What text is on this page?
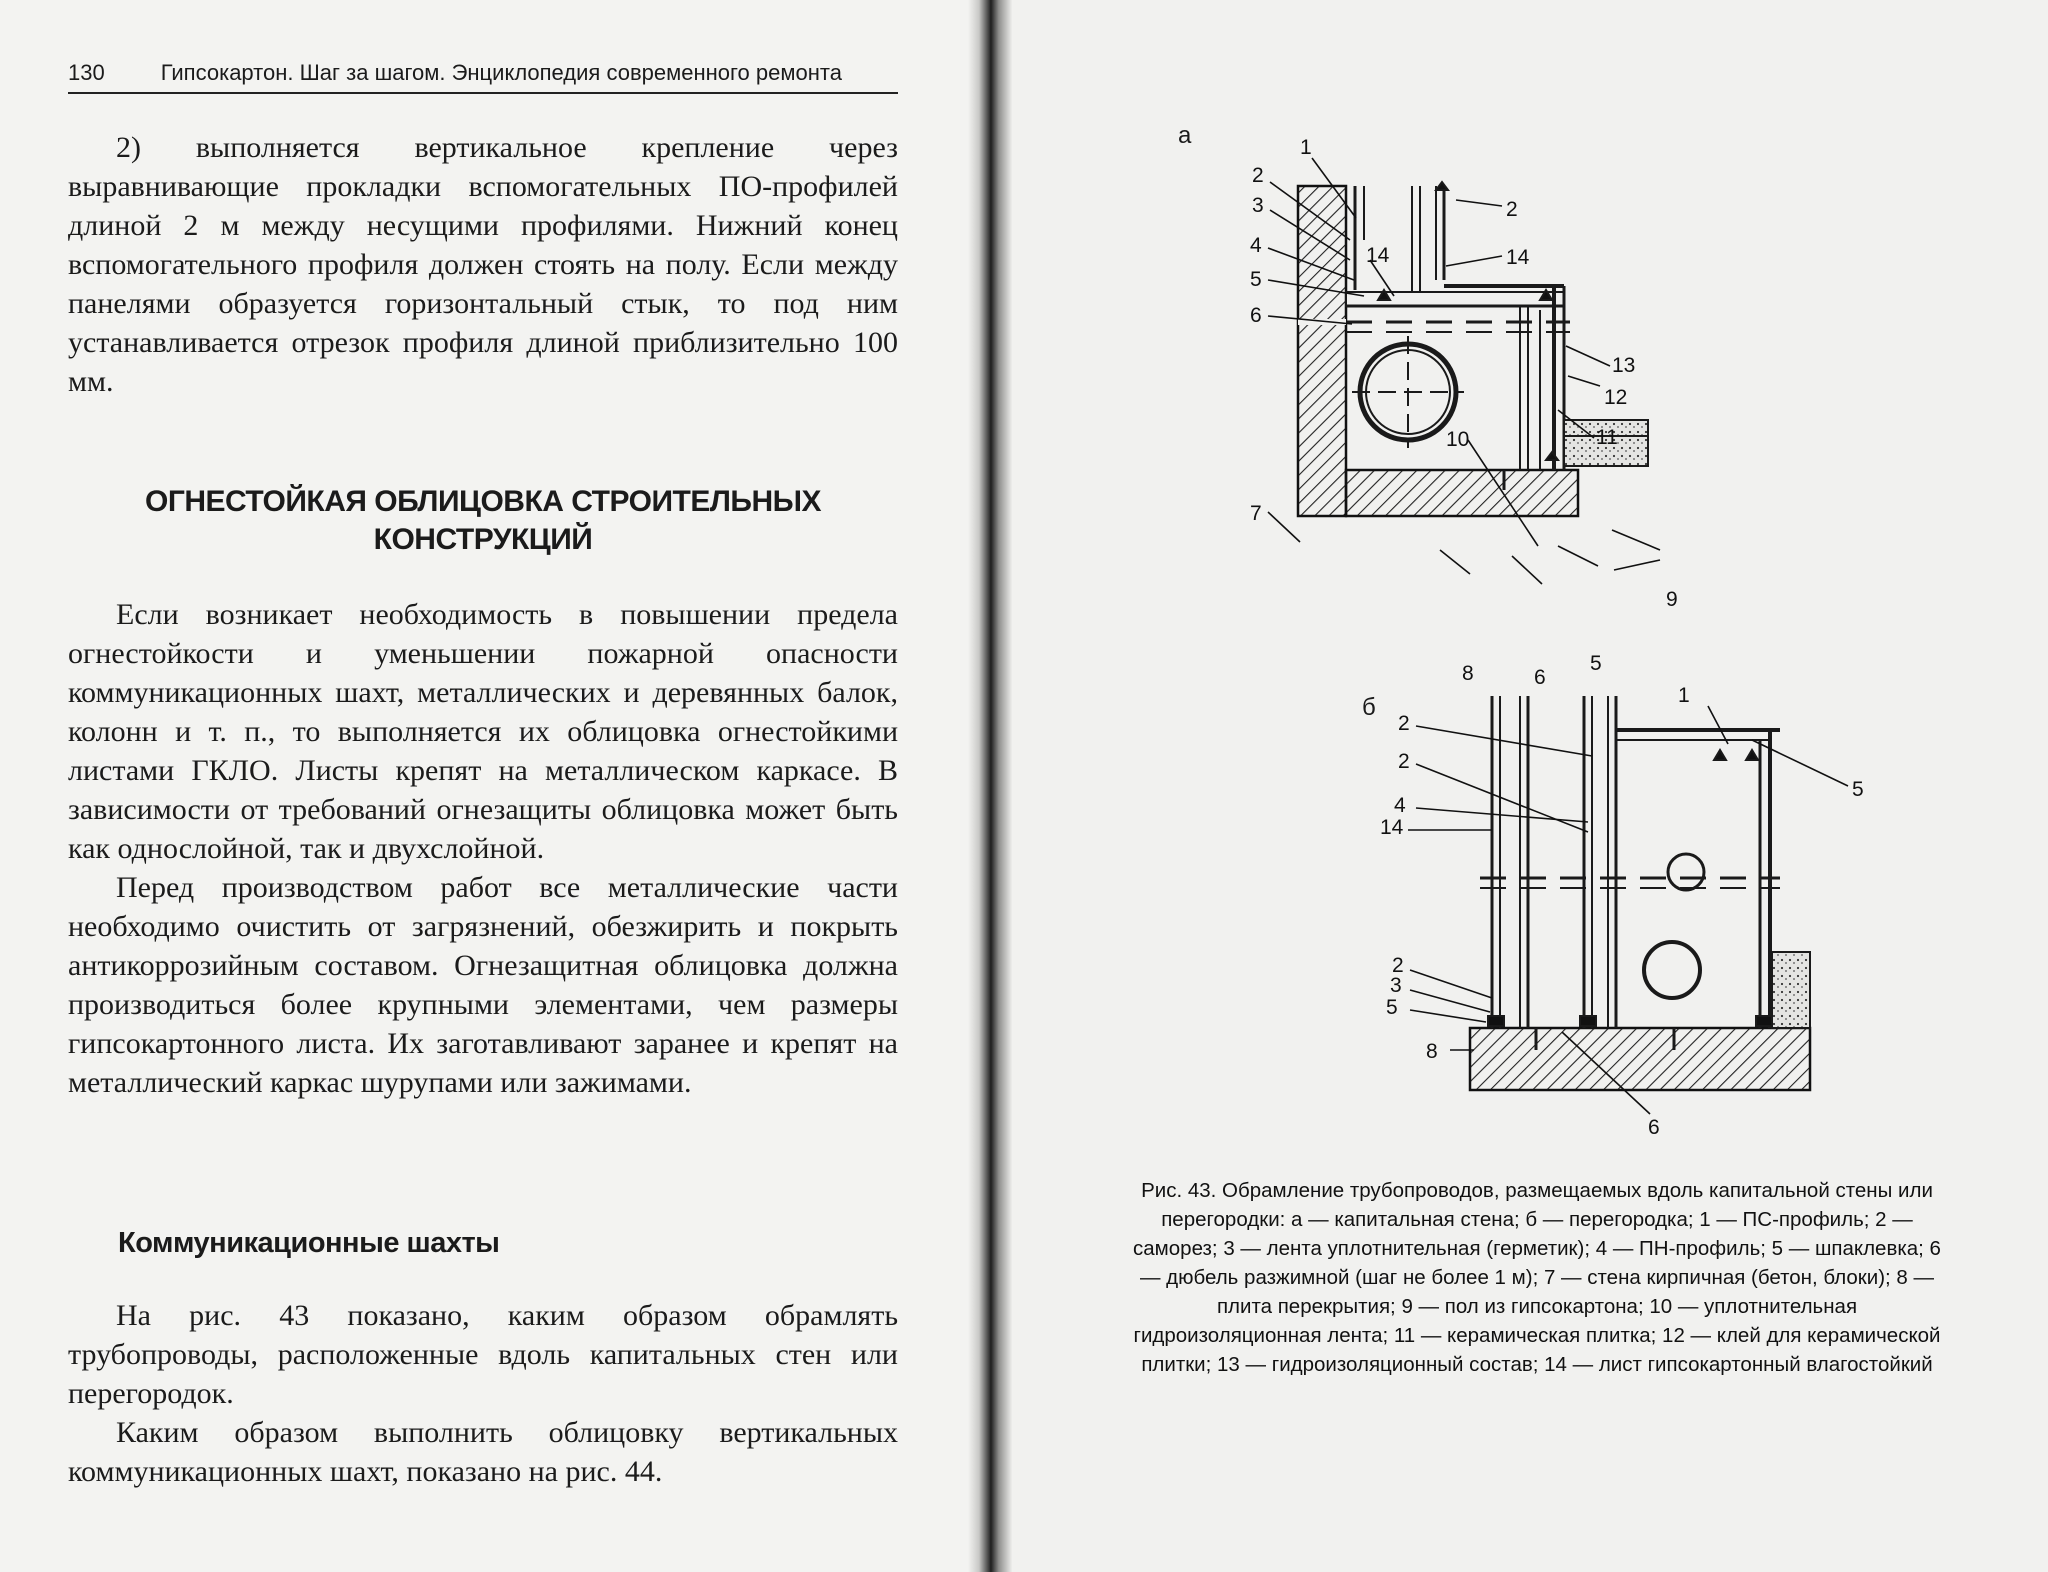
130	Гипсокартон. Шаг за шагом. Энциклопедия современного ремонта

2) выполняется вертикальное крепление через выравнивающие прокладки вспомогательных ПО-профилей длиной 2 м между несущими профилями. Нижний конец вспомогательного профиля должен стоять на полу. Если между панелями образуется горизонтальный стык, то под ним устанавливается отрезок профиля длиной приблизительно 100 мм.

ОГНЕСТОЙКАЯ ОБЛИЦОВКА СТРОИТЕЛЬНЫХ КОНСТРУКЦИЙ

Если возникает необходимость в повышении предела огнестойкости и уменьшении пожарной опасности коммуникационных шахт, металлических и деревянных балок, колонн и т. п., то выполняется их облицовка огнестойкими листами ГКЛО. Листы крепят на металлическом каркасе. В зависимости от требований огнезащиты облицовка может быть как однослойной, так и двухслойной.

Перед производством работ все металлические части необходимо очистить от загрязнений, обезжирить и покрыть антикоррозийным составом. Огнезащитная облицовка должна производиться более крупными элементами, чем размеры гипсокартонного листа. Их заготавливают заранее и крепят на металлический каркас шурупами или зажимами.

Коммуникационные шахты

На рис. 43 показано, каким образом обрамлять трубопроводы, расположенные вдоль капитальных стен или перегородок.

Каким образом выполнить облицовку вертикальных коммуникационных шахт, показано на рис. 44.

а
б
1
2
3
4
5
6
14
2
14
13
12
11
10
7
9
8	6
5
1
2
2
4
14
5
2
3
5
8
6
Рис. 43. Обрамление трубопроводов, размещаемых вдоль капитальной стены или перегородки: а — капитальная стена; б — перегородка; 1 — ПС-профиль; 2 — саморез; 3 — лента уплотнительная (герметик); 4 — ПН-профиль; 5 — шпаклевка; 6 — дюбель разжимной (шаг не более 1 м); 7 — стена кирпичная (бетон, блоки); 8 — плита перекрытия; 9 — пол из гипсокартона; 10 — уплотнительная гидроизоляционная лента; 11 — керамическая плитка; 12 — клей для керамической плитки; 13 — гидроизоляционный состав; 14 — лист гипсокартонный влагостойкий
